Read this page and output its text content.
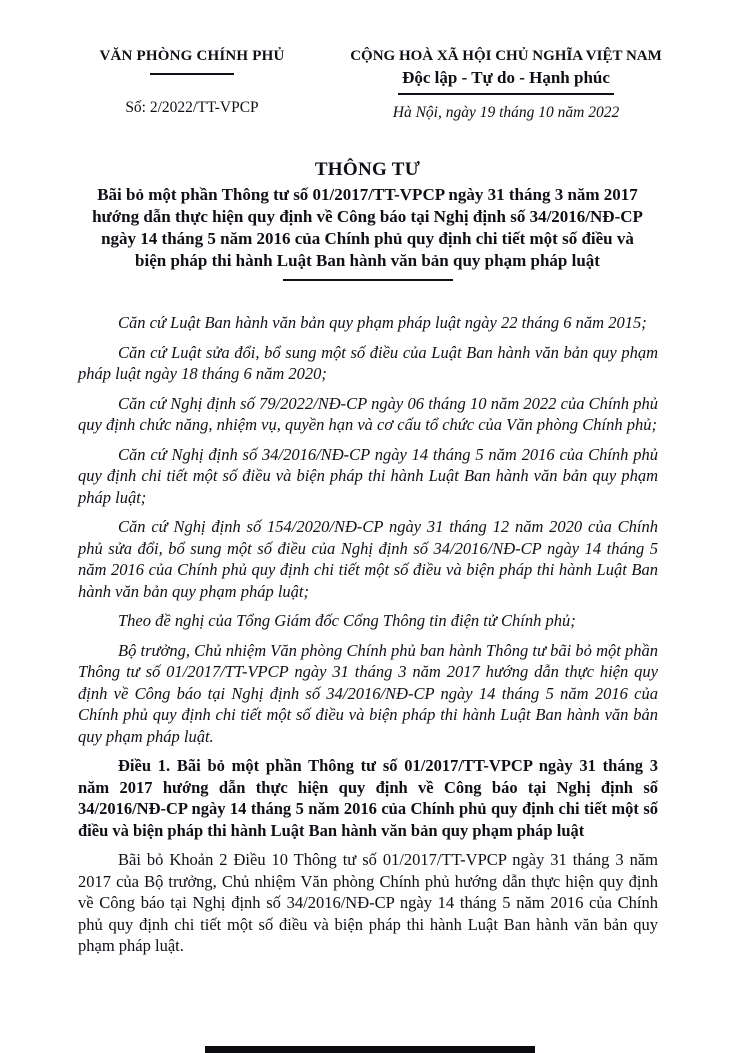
VĂN PHÒNG CHÍNH PHỦ
Số: 2/2022/TT-VPCP
CỘNG HOÀ XÃ HỘI CHỦ NGHĨA VIỆT NAM
Độc lập - Tự do - Hạnh phúc
Hà Nội, ngày 19 tháng 10 năm 2022
THÔNG TƯ
Bãi bỏ một phần Thông tư số 01/2017/TT-VPCP ngày 31 tháng 3 năm 2017
hướng dẫn thực hiện quy định về Công báo tại Nghị định số 34/2016/NĐ-CP
ngày 14 tháng 5 năm 2016 của Chính phủ quy định chi tiết một số điều và
biện pháp thi hành Luật Ban hành văn bản quy phạm pháp luật

Căn cứ Luật Ban hành văn bản quy phạm pháp luật ngày 22 tháng 6 năm 2015;

Căn cứ Luật sửa đổi, bổ sung một số điều của Luật Ban hành văn bản quy phạm pháp luật ngày 18 tháng 6 năm 2020;

Căn cứ Nghị định số 79/2022/NĐ-CP ngày 06 tháng 10 năm 2022 của Chính phủ quy định chức năng, nhiệm vụ, quyền hạn và cơ cấu tổ chức của Văn phòng Chính phủ;

Căn cứ Nghị định số 34/2016/NĐ-CP ngày 14 tháng 5 năm 2016 của Chính phủ quy định chi tiết một số điều và biện pháp thi hành Luật Ban hành văn bản quy phạm pháp luật;

Căn cứ Nghị định số 154/2020/NĐ-CP ngày 31 tháng 12 năm 2020 của Chính phủ sửa đổi, bổ sung một số điều của Nghị định số 34/2016/NĐ-CP ngày 14 tháng 5 năm 2016 của Chính phủ quy định chi tiết một số điều và biện pháp thi hành Luật Ban hành văn bản quy phạm pháp luật;

Theo đề nghị của Tổng Giám đốc Cổng Thông tin điện tử Chính phủ;

Bộ trưởng, Chủ nhiệm Văn phòng Chính phủ ban hành Thông tư bãi bỏ một phần Thông tư số 01/2017/TT-VPCP ngày 31 tháng 3 năm 2017 hướng dẫn thực hiện quy định về Công báo tại Nghị định số 34/2016/NĐ-CP ngày 14 tháng 5 năm 2016 của Chính phủ quy định chi tiết một số điều và biện pháp thi hành Luật Ban hành văn bản quy phạm pháp luật.

Điều 1. Bãi bỏ một phần Thông tư số 01/2017/TT-VPCP ngày 31 tháng 3 năm 2017 hướng dẫn thực hiện quy định về Công báo tại Nghị định số 34/2016/NĐ-CP ngày 14 tháng 5 năm 2016 của Chính phủ quy định chi tiết một số điều và biện pháp thi hành Luật Ban hành văn bản quy phạm pháp luật

Bãi bỏ Khoản 2 Điều 10 Thông tư số 01/2017/TT-VPCP ngày 31 tháng 3 năm 2017 của Bộ trưởng, Chủ nhiệm Văn phòng Chính phủ hướng dẫn thực hiện quy định về Công báo tại Nghị định số 34/2016/NĐ-CP ngày 14 tháng 5 năm 2016 của Chính phủ quy định chi tiết một số điều và biện pháp thi hành Luật Ban hành văn bản quy phạm pháp luật.
